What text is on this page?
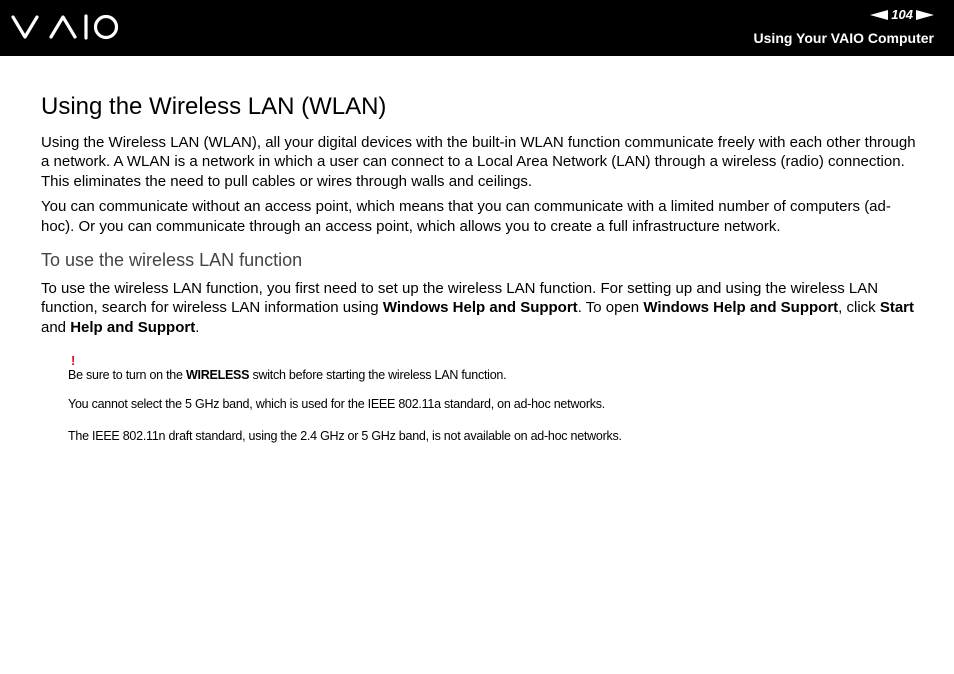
104
Using Your VAIO Computer
Using the Wireless LAN (WLAN)

Using the Wireless LAN (WLAN), all your digital devices with the built-in WLAN function communicate freely with each other through a network. A WLAN is a network in which a user can connect to a Local Area Network (LAN) through a wireless (radio) connection. This eliminates the need to pull cables or wires through walls and ceilings.

You can communicate without an access point, which means that you can communicate with a limited number of computers (ad-hoc). Or you can communicate through an access point, which allows you to create a full infrastructure network.

To use the wireless LAN function

To use the wireless LAN function, you first need to set up the wireless LAN function. For setting up and using the wireless LAN function, search for wireless LAN information using Windows Help and Support. To open Windows Help and Support, click Start and Help and Support.

!

Be sure to turn on the WIRELESS switch before starting the wireless LAN function.

You cannot select the 5 GHz band, which is used for the IEEE 802.11a standard, on ad-hoc networks.

The IEEE 802.11n draft standard, using the 2.4 GHz or 5 GHz band, is not available on ad-hoc networks.
